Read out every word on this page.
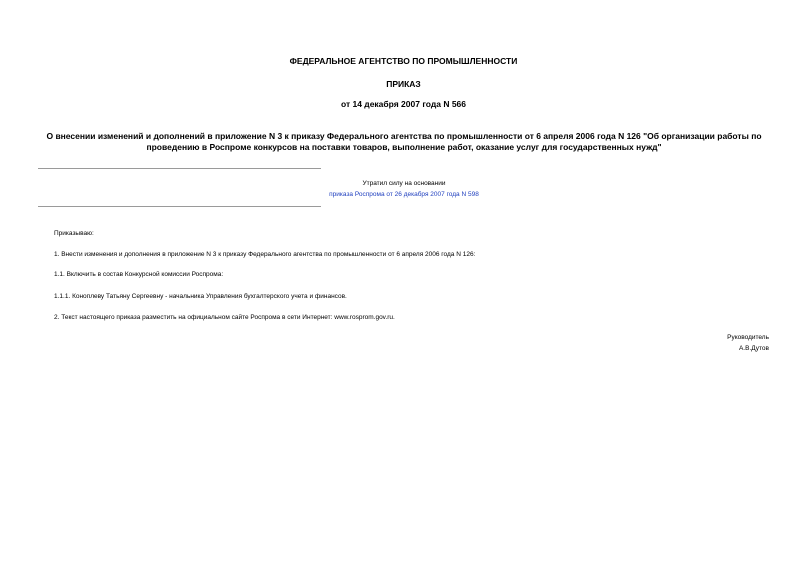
ФЕДЕРАЛЬНОЕ АГЕНТСТВО ПО ПРОМЫШЛЕННОСТИ
ПРИКАЗ
от 14 декабря 2007 года N 566
О внесении изменений и дополнений в приложение N 3 к приказу Федерального агентства по промышленности от 6 апреля 2006 года N 126 "Об организации работы по проведению в Роспроме конкурсов на поставки товаров, выполнение работ, оказание услуг для государственных нужд"
Утратил силу на основании
приказа Роспрома от 26 декабря 2007 года N 598
Приказываю:
1. Внести изменения и дополнения в приложение N 3 к приказу Федерального агентства по промышленности от 6 апреля 2006 года N 126:
1.1. Включить в состав Конкурсной комиссии Роспрома:
1.1.1. Коноплеву Татьяну Сергеевну - начальника Управления бухгалтерского учета и финансов.
2. Текст настоящего приказа разместить на официальном сайте Роспрома в сети Интернет: www.rosprom.gov.ru.
Руководитель
А.В.Дутов
